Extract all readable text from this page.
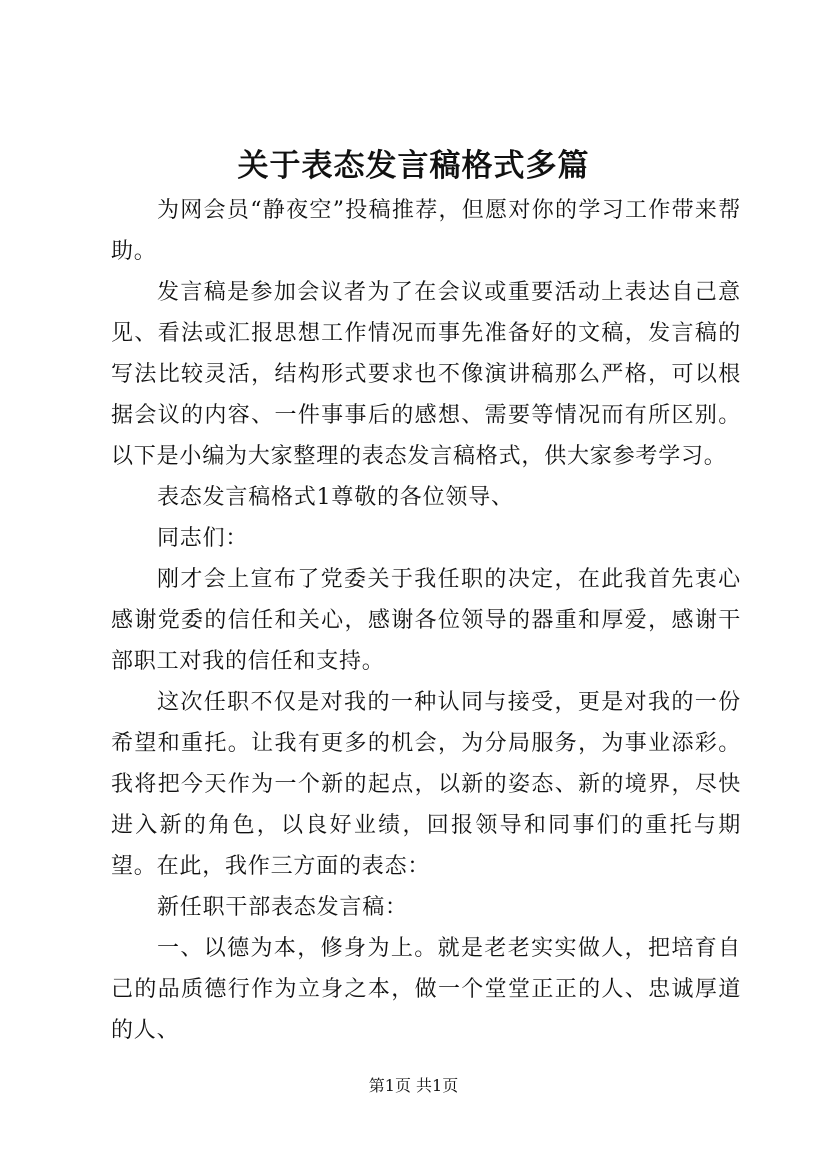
关于表态发言稿格式多篇

为网会员“静夜空”投稿推荐，但愿对你的学习工作带来帮助。

发言稿是参加会议者为了在会议或重要活动上表达自己意见、看法或汇报思想工作情况而事先准备好的文稿，发言稿的写法比较灵活，结构形式要求也不像演讲稿那么严格，可以根据会议的内容、一件事事后的感想、需要等情况而有所区别。以下是小编为大家整理的表态发言稿格式，供大家参考学习。

表态发言稿格式1尊敬的各位领导、

同志们：

刚才会上宣布了党委关于我任职的决定，在此我首先衷心感谢党委的信任和关心，感谢各位领导的器重和厚爱，感谢干部职工对我的信任和支持。

这次任职不仅是对我的一种认同与接受，更是对我的一份希望和重托。让我有更多的机会，为分局服务，为事业添彩。我将把今天作为一个新的起点，以新的姿态、新的境界，尽快进入新的角色，以良好业绩，回报领导和同事们的重托与期望。在此，我作三方面的表态：

新任职干部表态发言稿：

一、以德为本，修身为上。就是老老实实做人，把培育自己的品质德行作为立身之本，做一个堂堂正正的人、忠诚厚道的人、

第1页 共1页
